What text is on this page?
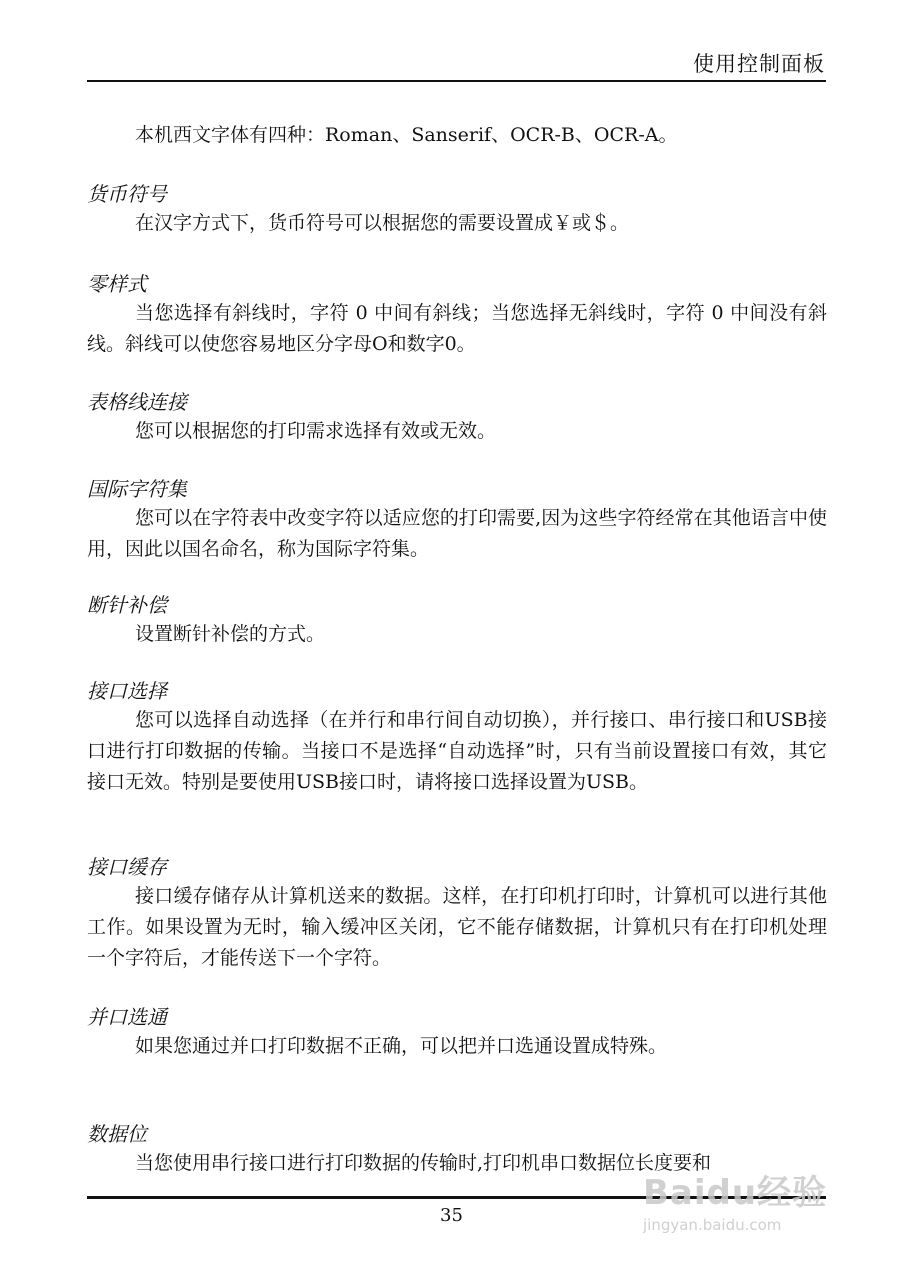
使用控制面板

本机西文字体有四种：Roman、Sanserif、OCR-B、OCR-A。

货币符号

在汉字方式下，货币符号可以根据您的需要设置成￥或＄。

零样式

当您选择有斜线时，字符 0 中间有斜线；当您选择无斜线时，字符 0 中间没有斜线。斜线可以使您容易地区分字母O和数字0。

表格线连接

您可以根据您的打印需求选择有效或无效。

国际字符集

您可以在字符表中改变字符以适应您的打印需要,因为这些字符经常在其他语言中使用，因此以国名命名，称为国际字符集。

断针补偿

设置断针补偿的方式。

接口选择

您可以选择自动选择（在并行和串行间自动切换），并行接口、串行接口和USB接口进行打印数据的传输。当接口不是选择“自动选择”时，只有当前设置接口有效，其它接口无效。特别是要使用USB接口时，请将接口选择设置为USB。

接口缓存

接口缓存储存从计算机送来的数据。这样，在打印机打印时，计算机可以进行其他工作。如果设置为无时，输入缓冲区关闭，它不能存储数据，计算机只有在打印机处理一个字符后，才能传送下一个字符。

并口选通

如果您通过并口打印数据不正确，可以把并口选通设置成特殊。

数据位

当您使用串行接口进行打印数据的传输时,打印机串口数据位长度要和

35
Baidu经验
jingyan.baidu.com
